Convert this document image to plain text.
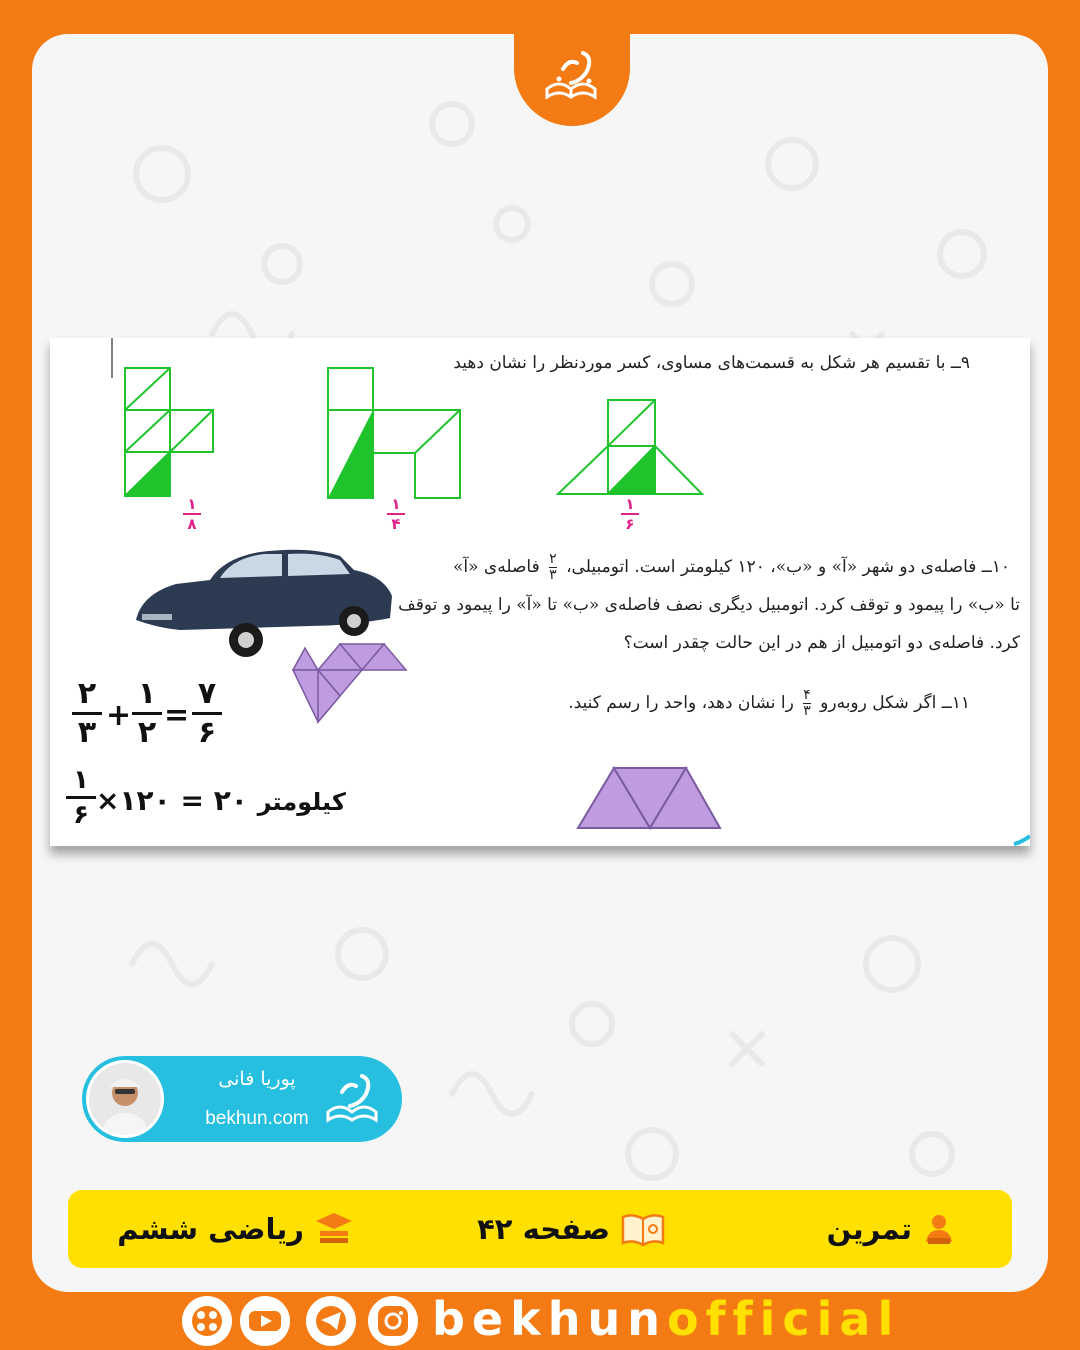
۹ــ با تقسیم هر شکل به قسمت‌های مساوی، کسر موردنظر را نشان دهید
۱
۸
۱
۴
۱
۶
۱۰ــ فاصله‌ی دو شهر «آ» و «ب»، ۱۲۰ کیلومتر است. اتومبیلی، $\frac{۲}{۳}$ فاصله‌ی «آ»
تا «ب» را پیمود و توقف کرد. اتومبیل دیگری نصف فاصله‌ی «ب» تا «آ» را پیمود و توقف
کرد. فاصله‌ی دو اتومبیل از هم در این حالت چقدر است؟
۱۱ــ اگر شکل روبه‌رو $\frac{۴}{۳}$ را نشان دهد، واحد را رسم کنید.
۲
۳ +
۱
۲ =
۷
۶
۱
۶ ×۱۲۰ = ۲۰ کیلومتر
پوریا فانی
bekhun.com
تمرین
صفحه ۴۲
ریاضی ششم
bekhunofficial
